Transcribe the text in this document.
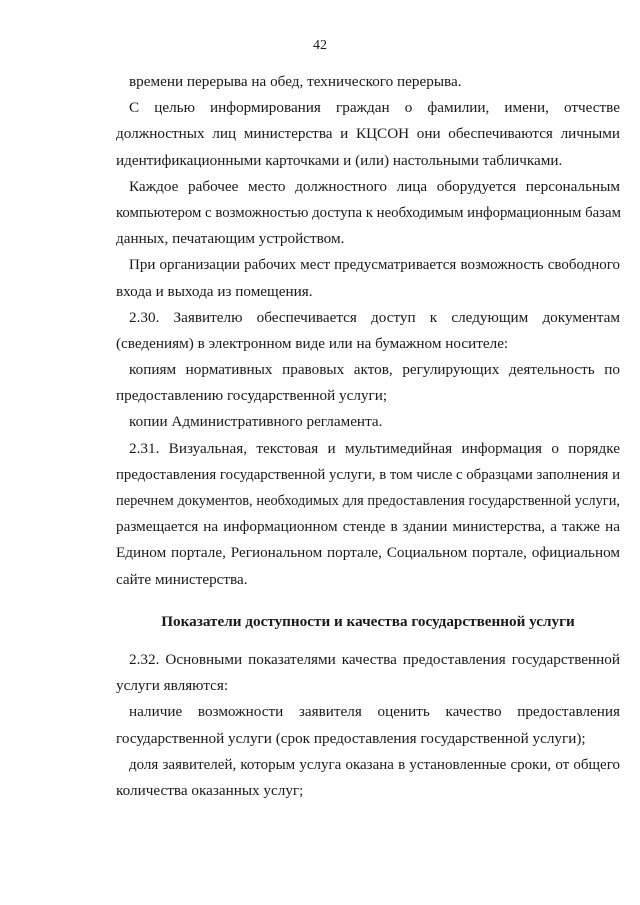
42
времени перерыва на обед, технического перерыва.
С целью информирования граждан о фамилии, имени, отчестве
должностных лиц министерства и КЦСОН они обеспечиваются личными
идентификационными карточками и (или) настольными табличками.
Каждое рабочее место должностного лица оборудуется персональным
компьютером с возможностью доступа к необходимым информационным базам
данных, печатающим устройством.
При организации рабочих мест предусматривается возможность свободного
входа и выхода из помещения.
2.30. Заявителю обеспечивается доступ к следующим документам
(сведениям) в электронном виде или на бумажном носителе:
копиям нормативных правовых актов, регулирующих деятельность по
предоставлению государственной услуги;
копии Административного регламента.
2.31. Визуальная, текстовая и мультимедийная информация о порядке
предоставления государственной услуги, в том числе с образцами заполнения и
перечнем документов, необходимых для предоставления государственной услуги,
размещается на информационном стенде в здании министерства, а также на
Едином портале, Региональном портале, Социальном портале, официальном
сайте министерства.
Показатели доступности и качества государственной услуги
2.32. Основными показателями качества предоставления государственной
услуги являются:
наличие возможности заявителя оценить качество предоставления
государственной услуги (срок предоставления государственной услуги);
доля заявителей, которым услуга оказана в установленные сроки, от общего
количества оказанных услуг;
